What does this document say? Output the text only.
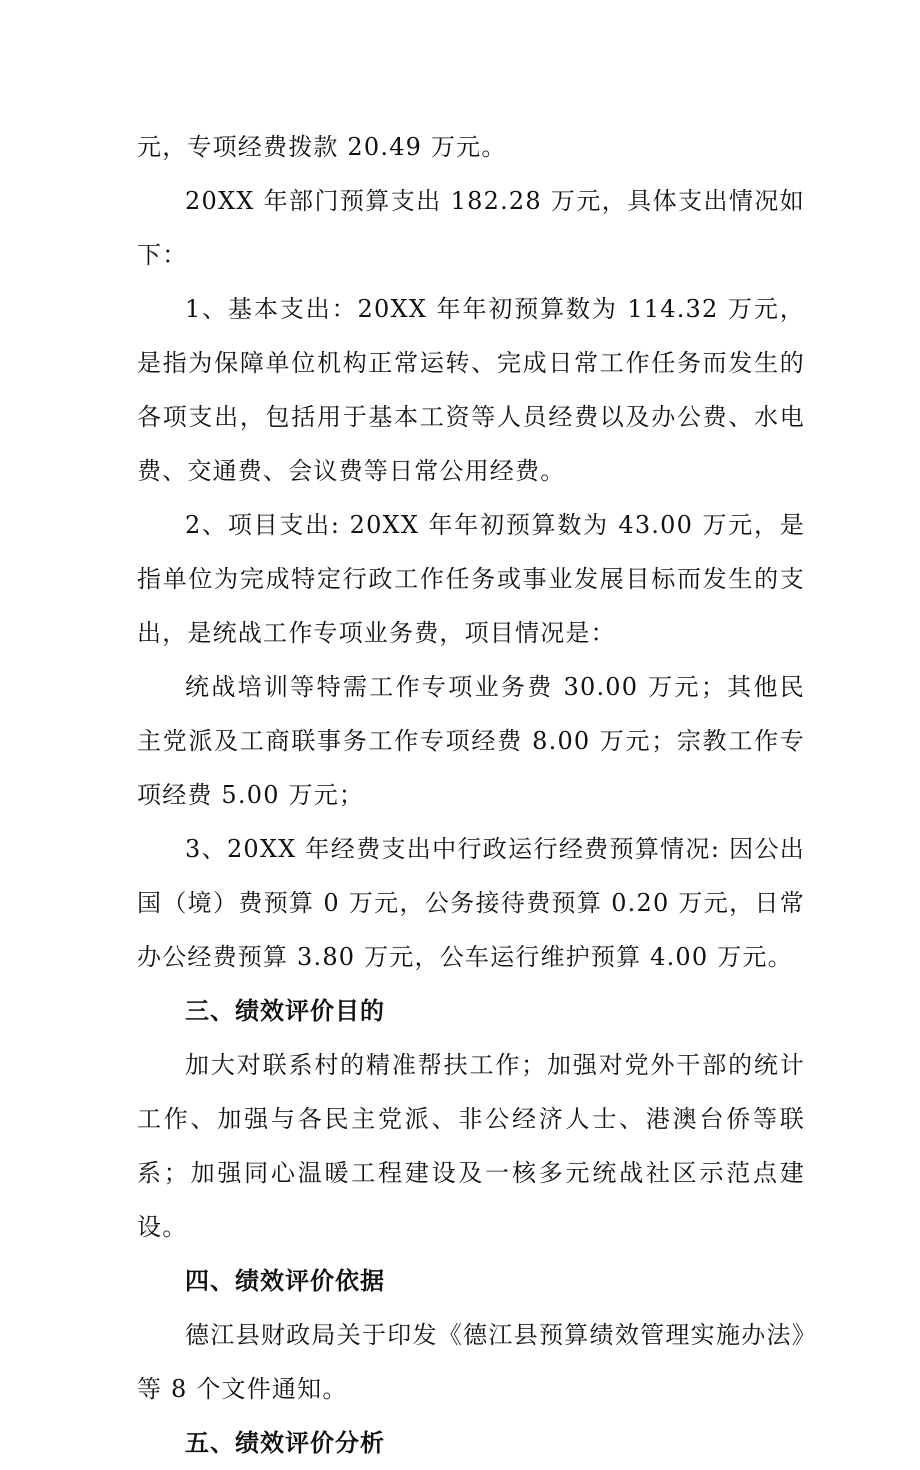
元，专项经费拨款 20.49 万元。

20XX 年部门预算支出 182.28 万元，具体支出情况如下：

1、基本支出：20XX 年年初预算数为 114.32 万元，是指为保障单位机构正常运转、完成日常工作任务而发生的各项支出，包括用于基本工资等人员经费以及办公费、水电费、交通费、会议费等日常公用经费。

2、项目支出: 20XX 年年初预算数为 43.00 万元，是指单位为完成特定行政工作任务或事业发展目标而发生的支出，是统战工作专项业务费，项目情况是：

统战培训等特需工作专项业务费 30.00 万元；其他民主党派及工商联事务工作专项经费 8.00 万元；宗教工作专项经费 5.00 万元；

3、20XX 年经费支出中行政运行经费预算情况: 因公出国（境）费预算 0 万元，公务接待费预算 0.20 万元，日常办公经费预算 3.80 万元，公车运行维护预算 4.00 万元。

三、绩效评价目的

加大对联系村的精准帮扶工作；加强对党外干部的统计工作、加强与各民主党派、非公经济人士、港澳台侨等联系；加强同心温暖工程建设及一核多元统战社区示范点建设。

四、绩效评价依据

德江县财政局关于印发《德江县预算绩效管理实施办法》等 8 个文件通知。

五、绩效评价分析
